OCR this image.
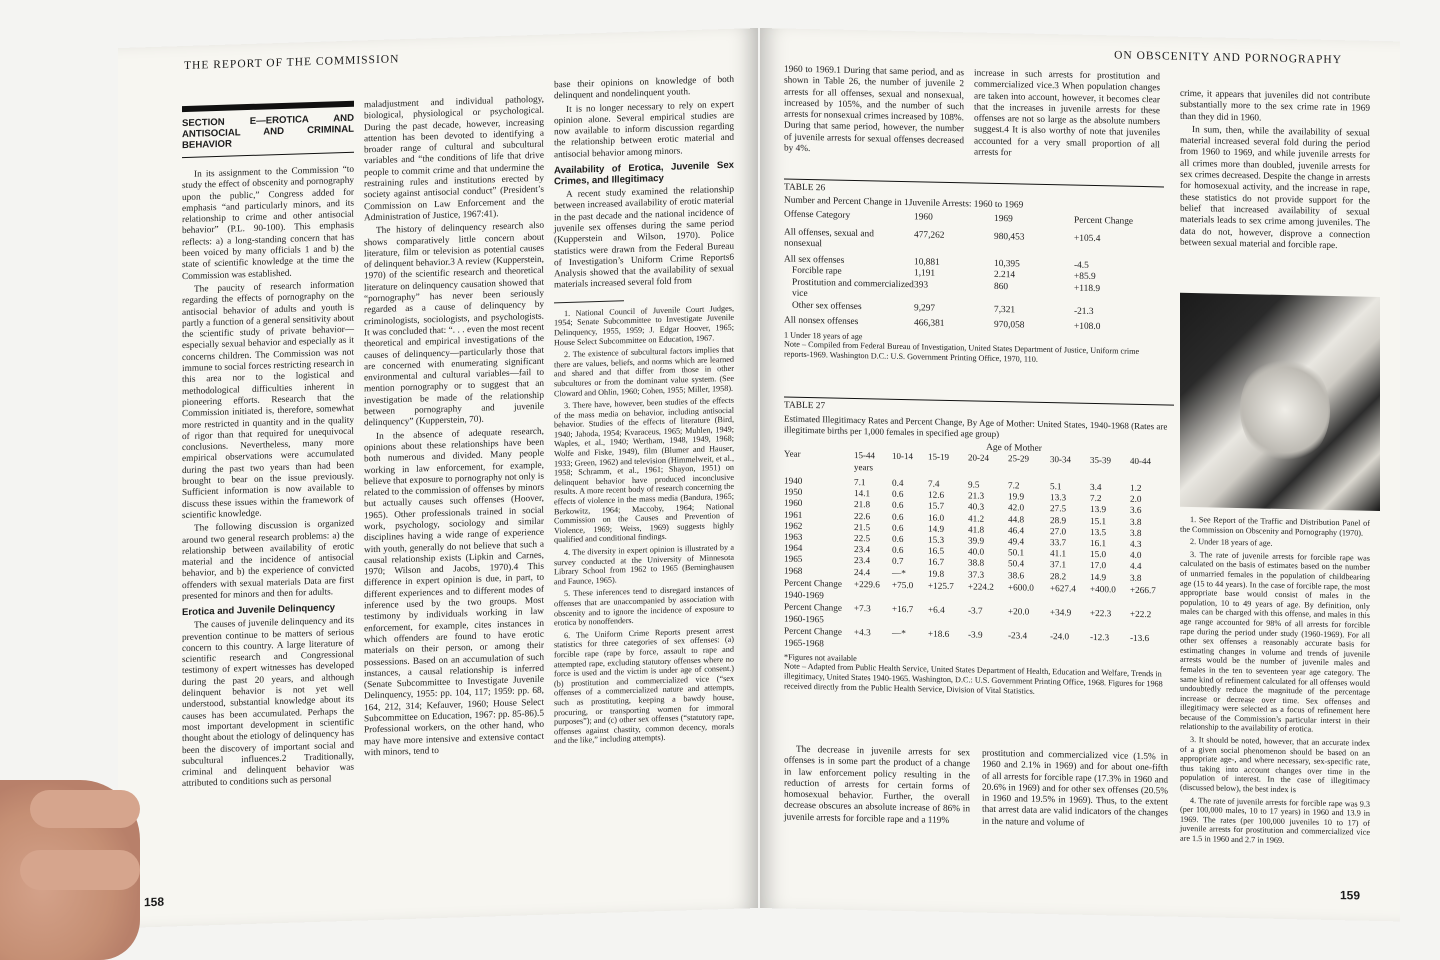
THE REPORT OF THE COMMISSION
SECTION E—EROTICA AND ANTISOCIAL AND CRIMINAL BEHAVIOR

In its assignment to the Commission “to study the effect of obscenity and pornography upon the public,” Congress added for emphasis “and particularly minors, and its relationship to crime and other antisocial behavior” (P.L. 90-100). This emphasis reflects: a) a long-standing concern that has been voiced by many officials 1 and b) the state of scientific knowledge at the time the Commission was established.

The paucity of research information regarding the effects of pornography on the antisocial behavior of adults and youth is partly a function of a general sensitivity about the scientific study of private behavior—especially sexual behavior and especially as it concerns children. The Commission was not immune to social forces restricting research in this area nor to the logistical and methodological difficulties inherent in pioneering efforts. Research that the Commission initiated is, therefore, somewhat more restricted in quantity and in the quality of rigor than that required for unequivocal conclusions. Nevertheless, many more empirical observations were accumulated during the past two years than had been brought to bear on the issue previously. Sufficient information is now available to discuss these issues within the framework of scientific knowledge.

The following discussion is organized around two general research problems: a) the relationship between availability of erotic material and the incidence of antisocial behavior, and b) the experience of convicted offenders with sexual materials Data are first presented for minors and then for adults.

Erotica and Juvenile Delinquency

The causes of juvenile delinquency and its prevention continue to be matters of serious concern to this country. A large literature of scientific research and Congressional testimony of expert witnesses has developed during the past 20 years, and although delinquent behavior is not yet well understood, substantial knowledge about its causes has been accumulated. Perhaps the most important development in scientific thought about the etiology of delinquency has been the discovery of important social and subcultural influences.2 Traditionally, criminal and delinquent behavior was attributed to conditions such as personal

maladjustment and individual pathology, biological, physiological or psychological. During the past decade, however, increasing attention has been devoted to identifying a broader range of cultural and subcultural variables and “the conditions of life that drive people to commit crime and that undermine the restraining rules and institutions erected by society against antisocial conduct” (President’s Commission on Law Enforcement and the Administration of Justice, 1967:41).

The history of delinquency research also shows comparatively little concern about literature, film or television as potential causes of delinquent behavior.3 A review (Kupperstein, 1970) of the scientific research and theoretical literature on delinquency causation showed that “pornography” has never been seriously regarded as a cause of delinquency by criminologists, sociologists, and psychologists. It was concluded that: “. . . even the most recent theoretical and empirical investigations of the causes of delinquency—particularly those that are concerned with enumerating significant environmental and cultural variables—fail to mention pornography or to suggest that an investigation be made of the relationship between pornography and juvenile delinquency” (Kupperstein, 70).

In the absence of adequate research, opinions about these relationships have been both numerous and divided. Many people working in law enforcement, for example, believe that exposure to pornography not only is related to the commission of offenses by minors but actually causes such offenses (Hoover, 1965). Other professionals trained in social work, psychology, sociology and similar disciplines having a wide range of experience with youth, generally do not believe that such a causal relationship exists (Lipkin and Carnes, 1970; Wilson and Jacobs, 1970).4 This difference in expert opinion is due, in part, to different experiences and to different modes of inference used by the two groups. Most testimony by individuals working in law enforcement, for example, cites instances in which offenders are found to have erotic materials on their person, or among their possessions. Based on an accumulation of such instances, a causal relationship is inferred (Senate Subcommittee to Investigate Juvenile Delinquency, 1955: pp. 104, 117; 1959: pp. 68, 164, 212, 314; Kefauver, 1960; House Select Subcommittee on Education, 1967: pp. 85-86).5 Professional workers, on the other hand, who may have more intensive and extensive contact with minors, tend to

base their opinions on knowledge of both delinquent and nondelinquent youth.

It is no longer necessary to rely on expert opinion alone. Several empirical studies are now available to inform discussion regarding the relationship between erotic material and antisocial behavior among minors.

Availability of Erotica, Juvenile Sex Crimes, and Illegitimacy

A recent study examined the relationship between increased availability of erotic material in the past decade and the national incidence of juvenile sex offenses during the same period (Kupperstein and Wilson, 1970). Police statistics were drawn from the Federal Bureau of Investigation’s Uniform Crime Reports6 Analysis showed that the availability of sexual materials increased several fold from

1. National Council of Juvenile Court Judges, 1954; Senate Subcommittee to Investigate Juvenile Delinquency, 1955, 1959; J. Edgar Hoover, 1965; House Select Subcommittee on Education, 1967.

2. The existence of subcultural factors implies that there are values, beliefs, and norms which are learned and shared and that differ from those in other subcultures or from the dominant value system. (See Cloward and Ohlin, 1960; Cohen, 1955; Miller, 1958).

3. There have, however, been studies of the effects of the mass media on behavior, including antisocial behavior. Studies of the effects of literature (Bird, 1940; Jahoda, 1954; Kvaraceus, 1965; Muhlen, 1949; Waples, et al., 1940; Wertham, 1948, 1949, 1968; Wolfe and Fiske, 1949), film (Blumer and Hauser, 1933; Green, 1962) and television (Himmelweit, et al., 1958; Schramm, et al., 1961; Shayon, 1951) on delinquent behavior have produced inconclusive results. A more recent body of research concerning the effects of violence in the mass media (Bandura, 1965; Berkowitz, 1964; Maccoby, 1964; National Commission on the Causes and Prevention of Violence, 1969; Weiss, 1969) suggests highly qualified and conditional findings.

4. The diversity in expert opinion is illustrated by a survey conducted at the University of Minnesota Library School from 1962 to 1965 (Berninghausen and Faunce, 1965).

5. These inferences tend to disregard instances of offenses that are unaccompanied by association with obscenity and to ignore the incidence of exposure to erotica by nonoffenders.

6. The Uniform Crime Reports present arrest statistics for three categories of sex offenses: (a) forcible rape (rape by force, assault to rape and attempted rape, excluding statutory offenses where no force is used and the victim is under age of consent.) (b) prostitution and commercialized vice (“sex offenses of a commercialized nature and attempts, such as prostituting, keeping a bawdy house, procuring, or transporting women for immoral purposes”); and (c) other sex offenses (“statutory rape, offenses against chastity, common decency, morals and the like,” including attempts).

158
ON OBSCENITY AND PORNOGRAPHY
1960 to 1969.1 During that same period, and as shown in Table 26, the number of juvenile 2 arrests for all offenses, sexual and nonsexual, increased by 105%, and the number of such arrests for nonsexual crimes increased by 108%. During that same period, however, the number of juvenile arrests for sexual offenses decreased by 4%.
increase in such arrests for prostitution and commercialized vice.3 When population changes are taken into account, however, it becomes clear that the increases in juvenile arrests for these offenses are not so large as the absolute numbers suggest.4 It is also worthy of note that juveniles accounted for a very small proportion of all arrests for

crime, it appears that juveniles did not contribute substantially more to the sex crime rate in 1969 than they did in 1960.

In sum, then, while the availability of sexual material increased several fold during the period from 1960 to 1969, and while juvenile arrests for all crimes more than doubled, juvenile arrests for sex crimes decreased. Despite the change in arrests for homosexual activity, and the increase in rape, these statistics do not provide support for the belief that increased availability of sexual materials leads to sex crime among juveniles. The data do not, however, disprove a connection between sexual material and forcible rape.

TABLE 26
Number and Percent Change in 1Juvenile Arrests: 1960 to 1969
Offense Category	1960	1969	Percent Change
All offenses, sexual and nonsexual
477,262	980,453	+105.4
All sex offenses	10,881	10,395	-4.5
Forcible rape	1,191	2.214	+85.9
Prostitution and commercialized vice
393	860	+118.9
Other sex offenses	9,297	7,321	-21.3
All nonsex offenses	466,381	970,058	+108.0
1 Under 18 years of age
Note – Compiled from Federal Bureau of Investigation, United States Department of Justice, Uniform crime reports-1969. Washington D.C.: U.S. Government Printing Office, 1970, 110.
TABLE 27
Estimated Illegitimacy Rates and Percent Change, By Age of Mother: United States, 1940-1968 (Rates are illegitimate births per 1,000 females in specified age group)
Age of Mother
Year	15-44 years
10-14	15-19	20-24	25-29	30-34	35-39	40-44
1940	7.1	0.4	7.4	9.5	7.2	5.1	3.4	1.2
1950	14.1	0.6	12.6	21.3	19.9	13.3	7.2	2.0
1960	21.8	0.6	15.7	40.3	42.0	27.5	13.9	3.6
1961	22.6	0.6	16.0	41.2	44.8	28.9	15.1	3.8
1962	21.5	0.6	14.9	41.8	46.4	27.0	13.5	3.8
1963	22.5	0.6	15.3	39.9	49.4	33.7	16.1	4.3
1964	23.4	0.6	16.5	40.0	50.1	41.1	15.0	4.0
1965	23.4	0.7	16.7	38.8	50.4	37.1	17.0	4.4
1968	24.4	—*	19.8	37.3	38.6	28.2	14.9	3.8
Percent Change 1940-1969
+229.6	+75.0	+125.7	+224.2	+600.0	+627.4	+400.0	+266.7
Percent Change 1960-1965
+7.3	+16.7	+6.4	-3.7	+20.0	+34.9	+22.3	+22.2
Percent Change 1965-1968
+4.3	—*	+18.6	-3.9	-23.4	-24.0	-12.3	-13.6
*Figures not available
Note – Adapted from Public Health Service, United States Department of Health, Education and Welfare, Trends in illegitimacy, United States 1940-1965. Washington, D.C.: U.S. Government Printing Office, 1968. Figures for 1968 received directly from the Public Health Service, Division of Vital Statistics.

The decrease in juvenile arrests for sex offenses is in some part the product of a change in law enforcement policy resulting in the reduction of arrests for certain forms of homosexual behavior. Further, the overall decrease obscures an absolute increase of 86% in juvenile arrests for forcible rape and a 119%

prostitution and commercialized vice (1.5% in 1960 and 2.1% in 1969) and for about one-fifth of all arrests for forcible rape (17.3% in 1960 and 20.6% in 1969) and for other sex offenses (20.5% in 1960 and 19.5% in 1969). Thus, to the extent that arrest data are valid indicators of the changes in the nature and volume of

1. See Report of the Traffic and Distribution Panel of the Commission on Obscenity and Pornography (1970).

2. Under 18 years of age.

3. The rate of juvenile arrests for forcible rape was calculated on the basis of estimates based on the number of unmarried females in the population of childbearing age (15 to 44 years). In the case of forcible rape, the most appropriate base would consist of males in the population, 10 to 49 years of age. By definition, only males can be charged with this offense, and males in this age range accounted for 98% of all arrests for forcible rape during the period under study (1960-1969). For all other sex offenses a reasonably accurate basis for estimating changes in volume and trends of juvenile arrests would be the number of juvenile males and females in the ten to seventeen year age category. The same kind of refinement calculated for all offenses would undoubtedly reduce the magnitude of the percentage increase or decrease over time. Sex offenses and illegitimacy were selected as a focus of refinement here because of the Commission’s particular interst in their relationship to the availability of erotica.

3. It should be noted, however, that an accurate index of a given social phenomenon should be based on an appropriate age-, and where necessary, sex-specific rate, thus taking into account changes over time in the population of interest. In the case of illegitimacy (discussed below), the best index is

4. The rate of juvenile arrests for forcible rape was 9.3 (per 100,000 males, 10 to 17 years) in 1960 and 13.9 in 1969. The rates (per 100,000 juveniles 10 to 17) of juvenile arrests for prostitution and commercialized vice are 1.5 in 1960 and 2.7 in 1969.

159
